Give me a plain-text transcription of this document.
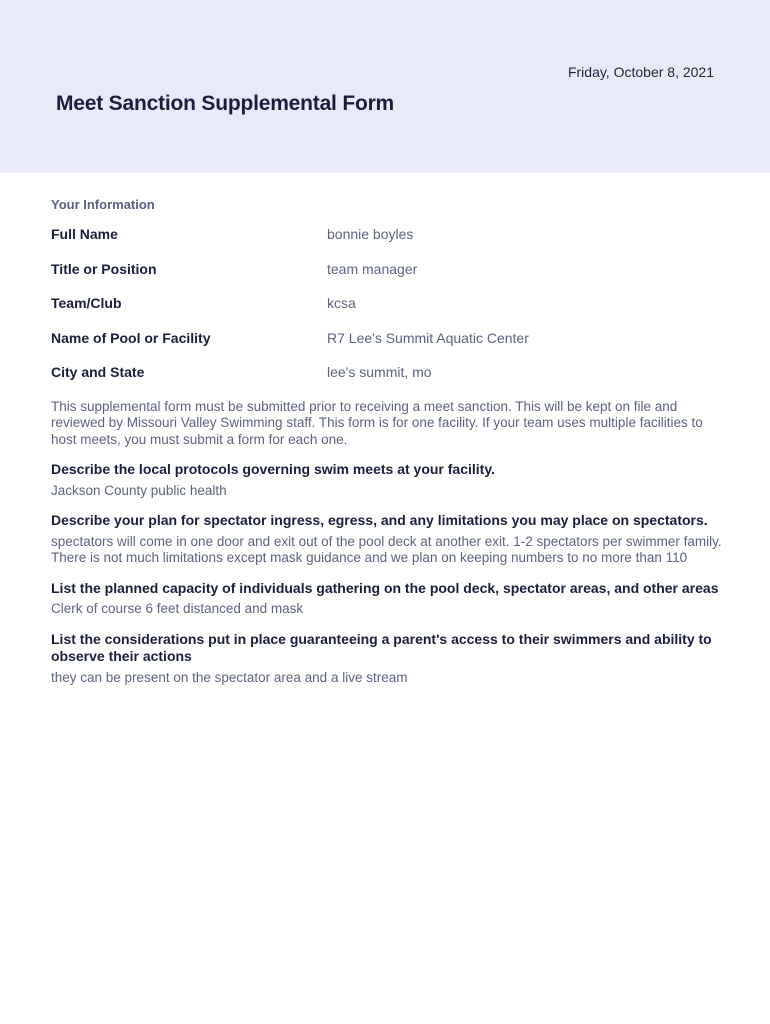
Friday, October 8, 2021
Meet Sanction Supplemental Form
Your Information
Full Name	bonnie boyles
Title or Position	team manager
Team/Club	kcsa
Name of Pool or Facility	R7 Lee's Summit Aquatic Center
City and State	lee's summit, mo

This supplemental form must be submitted prior to receiving a meet sanction. This will be kept on file and reviewed by Missouri Valley Swimming staff. This form is for one facility. If your team uses multiple facilities to host meets, you must submit a form for each one.

Describe the local protocols governing swim meets at your facility.

Jackson County public health

Describe your plan for spectator ingress, egress, and any limitations you may place on spectators.

spectators will come in one door and exit out of the pool deck at another exit. 1-2 spectators per swimmer family. There is not much limitations except mask guidance and we plan on keeping numbers to no more than 110

List the planned capacity of individuals gathering on the pool deck, spectator areas, and other areas

Clerk of course 6 feet distanced and mask

List the considerations put in place guaranteeing a parent's access to their swimmers and ability to observe their actions

they can be present on the spectator area and a live stream
